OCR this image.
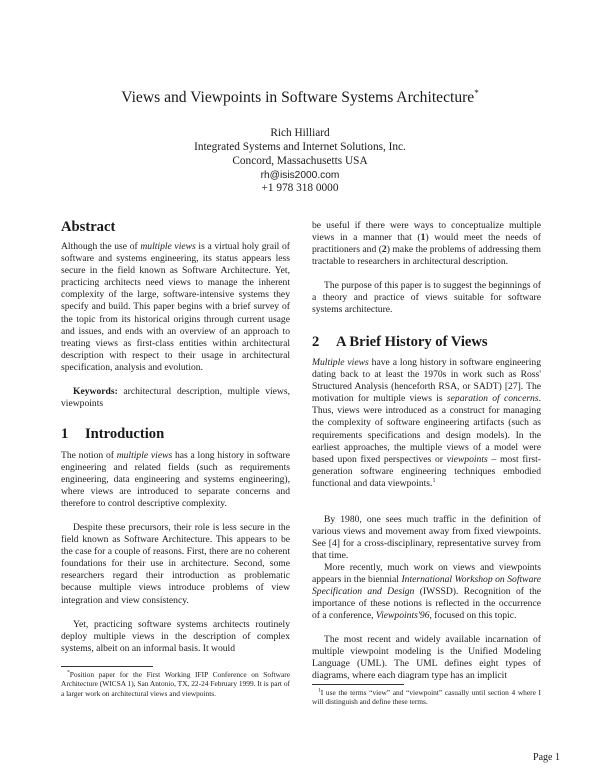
Views and Viewpoints in Software Systems Architecture*
Rich Hilliard
Integrated Systems and Internet Solutions, Inc.
Concord, Massachusetts USA
rh@isis2000.com
+1 978 318 0000
Abstract
Although the use of multiple views is a virtual holy grail of software and systems engineering, its status appears less secure in the field known as Software Architecture. Yet, practicing architects need views to manage the inherent complexity of the large, software-intensive systems they specify and build. This paper begins with a brief survey of the topic from its historical origins through current usage and issues, and ends with an overview of an approach to treating views as first-class entities within architectural description with respect to their usage in architectural specification, analysis and evolution.
Keywords: architectural description, multiple views, viewpoints
1 Introduction
The notion of multiple views has a long history in software engineering and related fields (such as requirements engineering, data engineering and systems engineering), where views are introduced to separate concerns and therefore to control descriptive complexity.
Despite these precursors, their role is less secure in the field known as Software Architecture. This appears to be the case for a couple of reasons. First, there are no coherent foundations for their use in architecture. Second, some researchers regard their introduction as problematic because multiple views introduce problems of view integration and view consistency.
Yet, practicing software systems architects routinely deploy multiple views in the description of complex systems, albeit on an informal basis. It would
*Position paper for the First Working IFIP Conference on Software Architecture (WICSA 1), San Antonio, TX, 22-24 February 1999. It is part of a larger work on architectural views and viewpoints.
be useful if there were ways to conceptualize multiple views in a manner that (1) would meet the needs of practitioners and (2) make the problems of addressing them tractable to researchers in architectural description.
The purpose of this paper is to suggest the beginnings of a theory and practice of views suitable for software systems architecture.
2 A Brief History of Views
Multiple views have a long history in software engineering dating back to at least the 1970s in work such as Ross' Structured Analysis (henceforth RSA, or SADT) [27]. The motivation for multiple views is separation of concerns. Thus, views were introduced as a construct for managing the complexity of software engineering artifacts (such as requirements specifications and design models). In the earliest approaches, the multiple views of a model were based upon fixed perspectives or viewpoints – most first-generation software engineering techniques embodied functional and data viewpoints.$^1$
By 1980, one sees much traffic in the definition of various views and movement away from fixed viewpoints. See [4] for a cross-disciplinary, representative survey from that time.
More recently, much work on views and viewpoints appears in the biennial International Workshop on Software Specification and Design (IWSSD). Recognition of the importance of these notions is reflected in the occurrence of a conference, Viewpoints'96, focused on this topic.
The most recent and widely available incarnation of multiple viewpoint modeling is the Unified Modeling Language (UML). The UML defines eight types of diagrams, where each diagram type has an implicit
$^1$I use the terms “view” and “viewpoint” casually until section 4 where I will distinguish and define these terms.
Page 1
